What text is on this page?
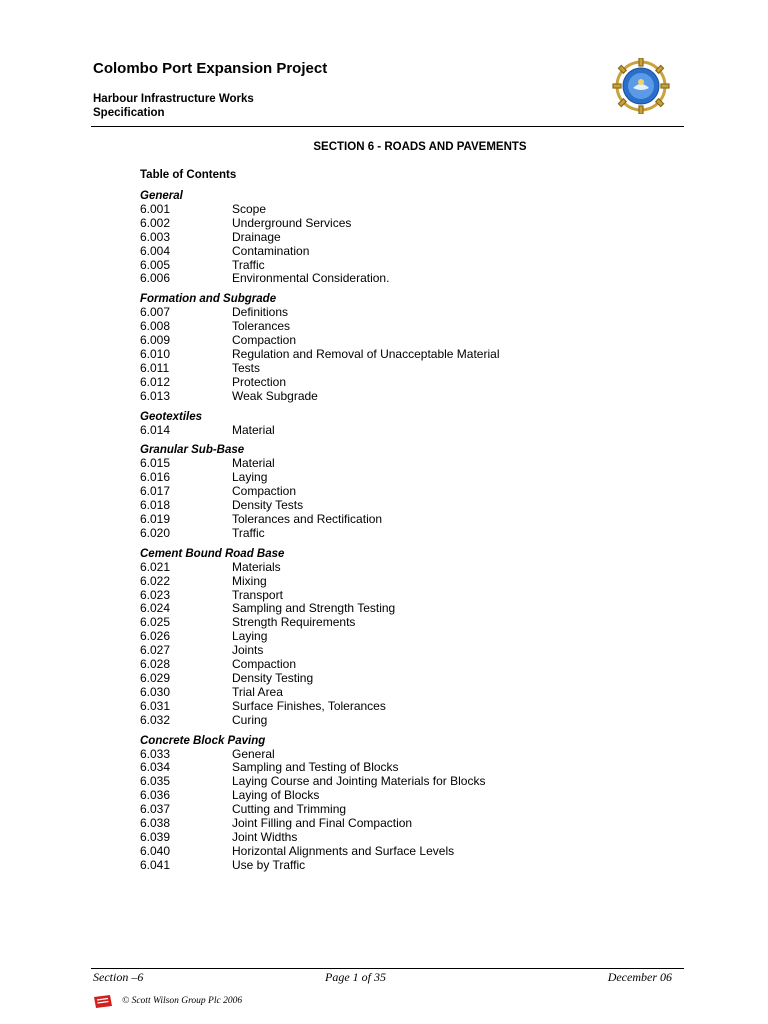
Colombo Port Expansion Project
Harbour Infrastructure Works
Specification
SECTION 6 - ROADS AND PAVEMENTS
Table of Contents
General
6.001	Scope
6.002	Underground Services
6.003	Drainage
6.004	Contamination
6.005	Traffic
6.006	Environmental Consideration.
Formation and Subgrade
6.007	Definitions
6.008	Tolerances
6.009	Compaction
6.010	Regulation and Removal of Unacceptable Material
6.011	Tests
6.012	Protection
6.013	Weak Subgrade
Geotextiles
6.014	Material
Granular Sub-Base
6.015	Material
6.016	Laying
6.017	Compaction
6.018	Density Tests
6.019	Tolerances and Rectification
6.020	Traffic
Cement Bound Road Base
6.021	Materials
6.022	Mixing
6.023	Transport
6.024	Sampling and Strength Testing
6.025	Strength Requirements
6.026	Laying
6.027	Joints
6.028	Compaction
6.029	Density Testing
6.030	Trial Area
6.031	Surface Finishes, Tolerances
6.032	Curing
Concrete Block Paving
6.033	General
6.034	Sampling and Testing of Blocks
6.035	Laying Course and Jointing Materials for Blocks
6.036	Laying of Blocks
6.037	Cutting and Trimming
6.038	Joint Filling and Final Compaction
6.039	Joint Widths
6.040	Horizontal Alignments and Surface Levels
6.041	Use by Traffic
Section –6	Page 1 of 35	December 06
© Scott Wilson Group Plc 2006
